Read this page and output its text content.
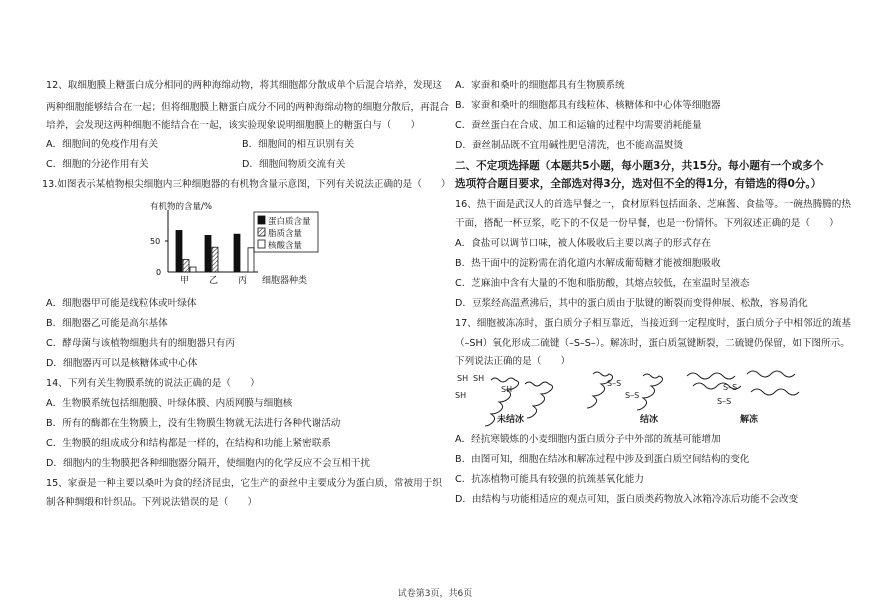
12、取细胞膜上糖蛋白成分相同的两种海绵动物，将其细胞都分散成单个后混合培养，发现这
两种细胞能够结合在一起；但将细胞膜上糖蛋白成分不同的两种海绵动物的细胞分散后，再混合
培养，会发现这两种细胞不能结合在一起，该实验现象说明细胞膜上的糖蛋白与（　　）
A．细胞间的免疫作用有关	B．细胞间的相互识别有关
C．细胞的分泌作用有关	D．细胞间物质交流有关
13.如图表示某植物根尖细胞内三种细胞器的有机物含量示意图，下列有关说法正确的是（　　）
有机物的含量/%
50
0
甲 乙 丙 细胞器种类
蛋白质含量
脂质含量
核酸含量
A．细胞器甲可能是线粒体或叶绿体
B．细胞器乙可能是高尔基体
C．酵母菌与该植物细胞共有的细胞器只有丙
D．细胞器丙可以是核糖体或中心体
14、下列有关生物膜系统的说法正确的是（　　）
A．生物膜系统包括细胞膜、叶绿体膜、内质网膜与细胞核
B．所有的酶都在生物膜上，没有生物膜生物就无法进行各种代谢活动
C．生物膜的组成成分和结构都是一样的，在结构和功能上紧密联系
D．细胞内的生物膜把各种细胞器分隔开，使细胞内的化学反应不会互相干扰
15、家蚕是一种主要以桑叶为食的经济昆虫，它生产的蚕丝中主要成分为蛋白质，常被用于织
制各种绸缎和针织品。下列说法错误的是（　　）
A．家蚕和桑叶的细胞都具有生物膜系统
B．家蚕和桑叶的细胞都具有线粒体、核糖体和中心体等细胞器
C．蚕丝蛋白在合成、加工和运输的过程中均需要消耗能量
D．蚕丝制品既不宜用碱性肥皂清洗，也不能高温熨烫
二、不定项选择题（本题共5小题，每小题3分，共15分。每小题有一个或多个
选项符合题目要求，全部选对得3分，选对但不全的得1分，有错选的得0分。）
16、热干面是武汉人的首选早餐之一，食材原料包括面条、芝麻酱、食盐等。一碗热腾腾的热
干面，搭配一杯豆浆，吃下的不仅是一份早餐，也是一份情怀。下列叙述正确的是（　　）
A．食盐可以调节口味，被人体吸收后主要以离子的形式存在
B．热干面中的淀粉需在消化道内水解成葡萄糖才能被细胞吸收
C．芝麻油中含有大量的不饱和脂肪酸，其熔点较低，在室温时呈液态
D．豆浆经高温煮沸后，其中的蛋白质由于肽键的断裂而变得伸展、松散，容易消化
17、细胞被冻冻时，蛋白质分子相互靠近，当接近到一定程度时，蛋白质分子中相邻近的巯基
（–SH）氧化形成二硫键（–S–S–）。解冻时，蛋白质氢键断裂，二硫键仍保留，如下图所示。
下列说法正确的是（　　）
SH SH
SH
SH
未结冰
S–S
S–S
结冰
S–S
S–S
解冻
A．经抗寒锻炼的小麦细胞内蛋白质分子中外部的巯基可能增加
B．由图可知，细胞在结冰和解冻过程中涉及到蛋白质空间结构的变化
C．抗冻植物可能具有较强的抗巯基氧化能力
D．由结构与功能相适应的观点可知，蛋白质类药物放入冰箱冷冻后功能不会改变
试卷第3页，共6页
